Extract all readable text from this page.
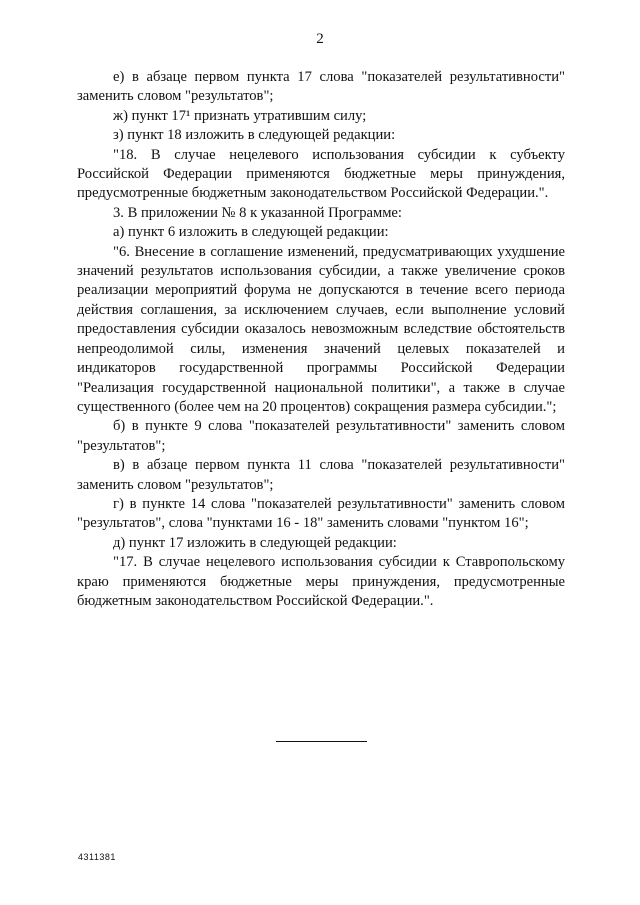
2

е) в абзаце первом пункта 17 слова "показателей результативности" заменить словом "результатов";

ж) пункт 17¹ признать утратившим силу;

з) пункт 18 изложить в следующей редакции:

"18. В случае нецелевого использования субсидии к субъекту Российской Федерации применяются бюджетные меры принуждения, предусмотренные бюджетным законодательством Российской Федерации.".

3. В приложении № 8 к указанной Программе:

а) пункт 6 изложить в следующей редакции:

"6. Внесение в соглашение изменений, предусматривающих ухудшение значений результатов использования субсидии, а также увеличение сроков реализации мероприятий форума не допускаются в течение всего периода действия соглашения, за исключением случаев, если выполнение условий предоставления субсидии оказалось невозможным вследствие обстоятельств непреодолимой силы, изменения значений целевых показателей и индикаторов государственной программы Российской Федерации "Реализация государственной национальной политики", а также в случае существенного (более чем на 20 процентов) сокращения размера субсидии.";

б) в пункте 9 слова "показателей результативности" заменить словом "результатов";

в) в абзаце первом пункта 11 слова "показателей результативности" заменить словом "результатов";

г) в пункте 14 слова "показателей результативности" заменить словом "результатов", слова "пунктами 16 - 18" заменить словами "пунктом 16";

д) пункт 17 изложить в следующей редакции:

"17. В случае нецелевого использования субсидии к Ставропольскому краю применяются бюджетные меры принуждения, предусмотренные бюджетным законодательством Российской Федерации.".

4311381
